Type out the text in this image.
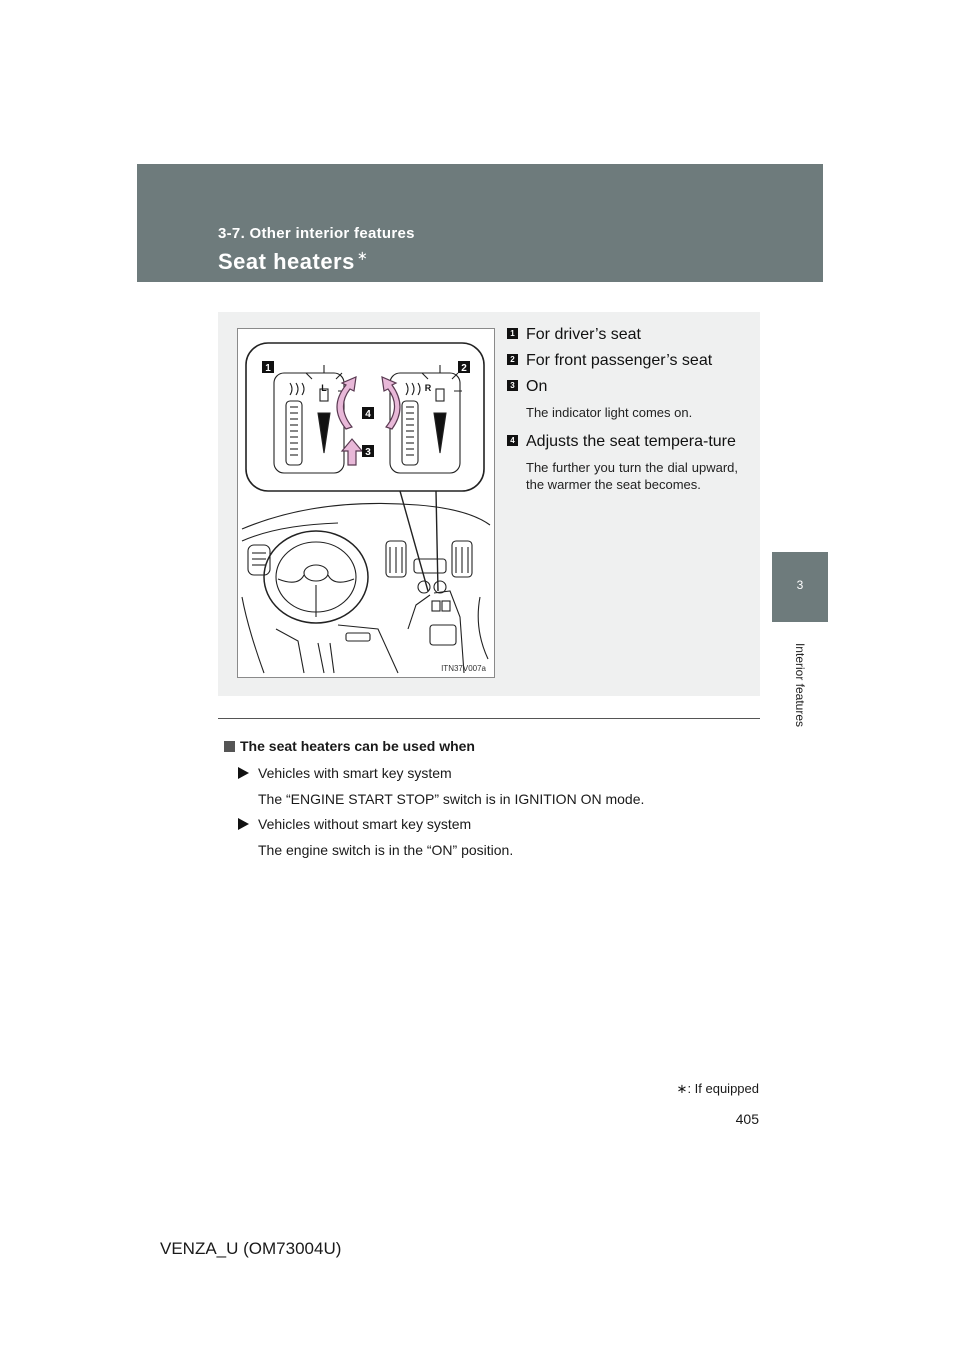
3-7. Other interior features
Seat heaters ∗
3
Interior features
1	2
3
4
L	R
ITN37V007a
1 For driver’s seat
2 For front passenger’s seat
3 On
The indicator light comes on.
4 Adjusts the seat tempera-ture
The further you turn the dial upward, the warmer the seat becomes.
The seat heaters can be used when
Vehicles with smart key system
The “ENGINE START STOP” switch is in IGNITION ON mode.
Vehicles without smart key system
The engine switch is in the “ON” position.
∗: If equipped
405
VENZA_U (OM73004U)
